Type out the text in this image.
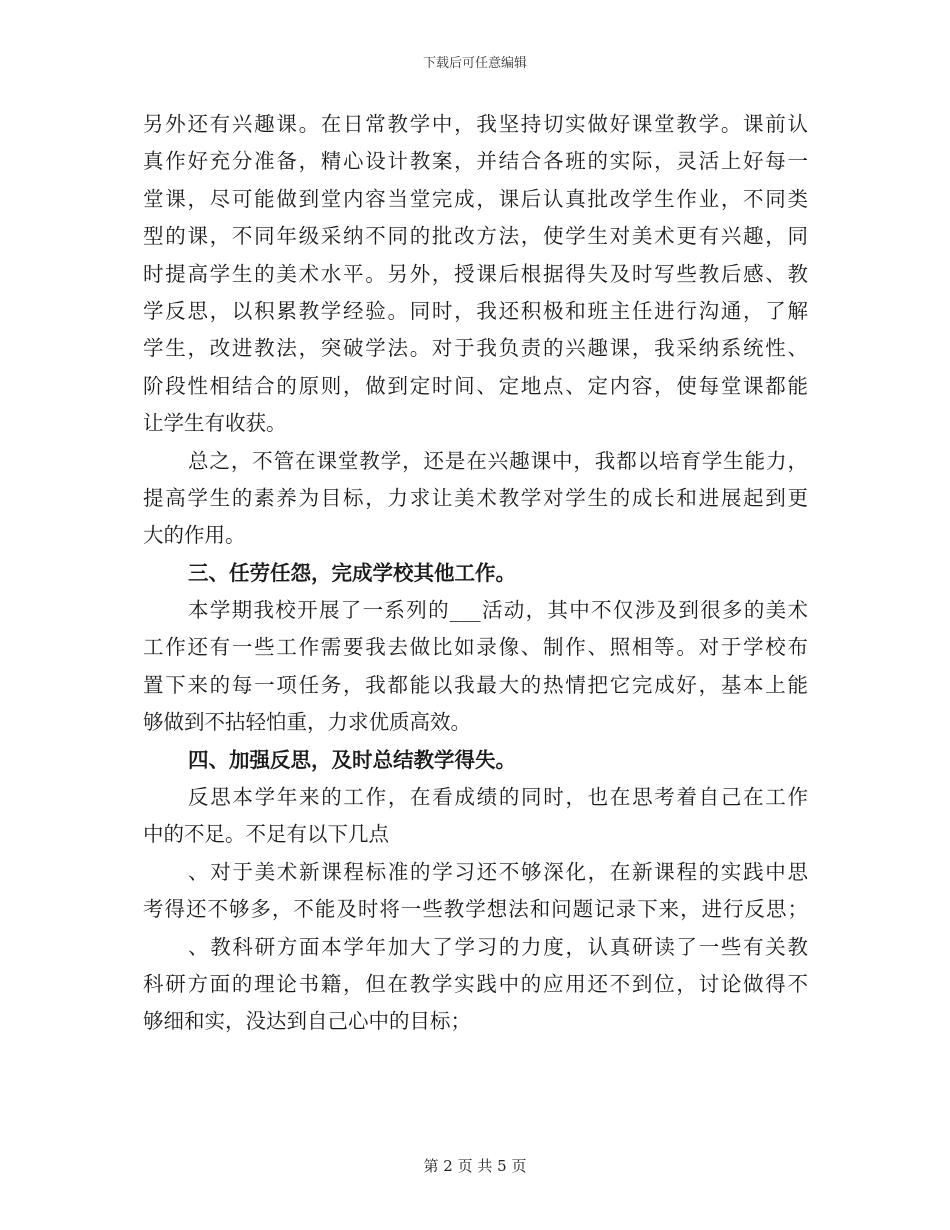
下载后可任意编辑
另外还有兴趣课。在日常教学中，我坚持切实做好课堂教学。课前认
真作好充分准备，精心设计教案，并结合各班的实际，灵活上好每一
堂课，尽可能做到堂内容当堂完成，课后认真批改学生作业，不同类
型的课，不同年级采纳不同的批改方法，使学生对美术更有兴趣，同
时提高学生的美术水平。另外，授课后根据得失及时写些教后感、教
学反思，以积累教学经验。同时，我还积极和班主任进行沟通，了解
学生，改进教法，突破学法。对于我负责的兴趣课，我采纳系统性、
阶段性相结合的原则，做到定时间、定地点、定内容，使每堂课都能
让学生有收获。
总之，不管在课堂教学，还是在兴趣课中，我都以培育学生能力，
提高学生的素养为目标，力求让美术教学对学生的成长和进展起到更
大的作用。
三、任劳任怨，完成学校其他工作。
本学期我校开展了一系列的___活动，其中不仅涉及到很多的美术
工作还有一些工作需要我去做比如录像、制作、照相等。对于学校布
置下来的每一项任务，我都能以我最大的热情把它完成好，基本上能
够做到不拈轻怕重，力求优质高效。
四、加强反思，及时总结教学得失。
反思本学年来的工作，在看成绩的同时，也在思考着自己在工作
中的不足。不足有以下几点
、对于美术新课程标准的学习还不够深化，在新课程的实践中思
考得还不够多，不能及时将一些教学想法和问题记录下来，进行反思；
、教科研方面本学年加大了学习的力度，认真研读了一些有关教
科研方面的理论书籍，但在教学实践中的应用还不到位，讨论做得不
够细和实，没达到自己心中的目标；
第 2 页 共 5 页
